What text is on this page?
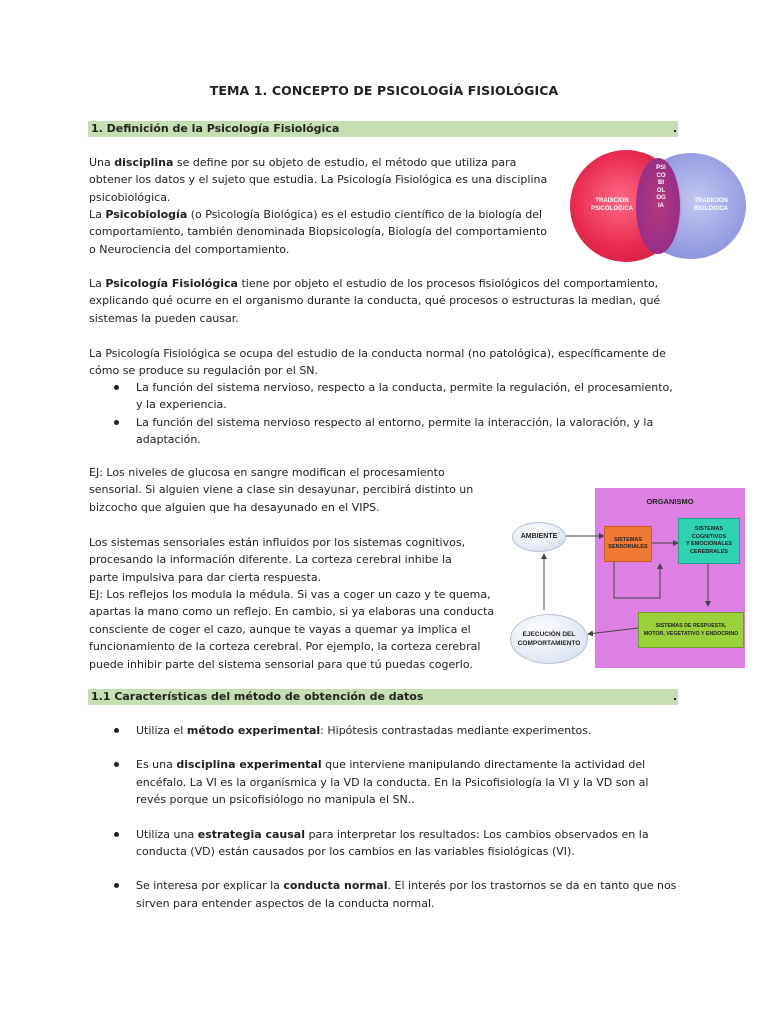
TEMA 1. CONCEPTO DE PSICOLOGÍA FISIOLÓGICA
1. Definición de la Psicología Fisiológica	.

Una disciplina se define por su objeto de estudio, el método que utiliza para obtener los datos y el sujeto que estudia. La Psicología Fisiológica es una disciplina psicobiológica.

La Psicobiología (o Psicología Biológica) es el estudio científico de la biología del comportamiento, también denominada Biopsicología, Biología del comportamiento o Neurociencia del comportamiento.

La Psicología Fisiológica tiene por objeto el estudio de los procesos fisiológicos del comportamiento, explicando qué ocurre en el organismo durante la conducta, qué procesos o estructuras la median, qué sistemas la pueden causar.

La Psicología Fisiológica se ocupa del estudio de la conducta normal (no patológica), específicamente de cómo se produce su regulación por el SN.

La función del sistema nervioso, respecto a la conducta, permite la regulación, el procesamiento, y la experiencia.
La función del sistema nervioso respecto al entorno, permite la interacción, la valoración, y la adaptación.

EJ: Los niveles de glucosa en sangre modifican el procesamiento sensorial. Si alguien viene a clase sin desayunar, percibirá distinto un bizcocho que alguien que ha desayunado en el VIPS.

Los sistemas sensoriales están influidos por los sistemas cognitivos, procesando la información diferente. La corteza cerebral inhibe la parte impulsiva para dar cierta respuesta.

EJ: Los reflejos los modula la médula. Si vas a coger un cazo y te quema, apartas la mano como un reflejo. En cambio, si ya elaboras una conducta consciente de coger el cazo, aunque te vayas a quemar ya implica el funcionamiento de la corteza cerebral. Por ejemplo, la corteza cerebral puede inhibir parte del sistema sensorial para que tú puedas cogerlo.

TRADICION
PSICOLOGICA
TRADICION
BIOLOGICA
PSICOBIOLOGIA
ORGANISMO
AMBIENTE	SISTEMAS
SENSORIALES
SISTEMAS
COGNITIVOS
Y EMOCIONALES
CEREBRALES
SISTEMAS DE RESPUESTA,
MOTOR, VEGETATIVO Y ENDOCRINO
EJECUCIÓN DEL
COMPORTAMIENTO
1.1 Características del método de obtención de datos	.
Utiliza el método experimental: Hipótesis contrastadas mediante experimentos.
Es una disciplina experimental que interviene manipulando directamente la actividad del encéfalo. La VI es la organísmica y la VD la conducta. En la Psicofisiología la VI y la VD son al revés porque un psicofisiólogo no manipula el SN..
Utiliza una estrategia causal para interpretar los resultados: Los cambios observados en la conducta (VD) están causados por los cambios en las variables fisiológicas (VI).
Se interesa por explicar la conducta normal. El interés por los trastornos se da en tanto que nos sirven para entender aspectos de la conducta normal.
